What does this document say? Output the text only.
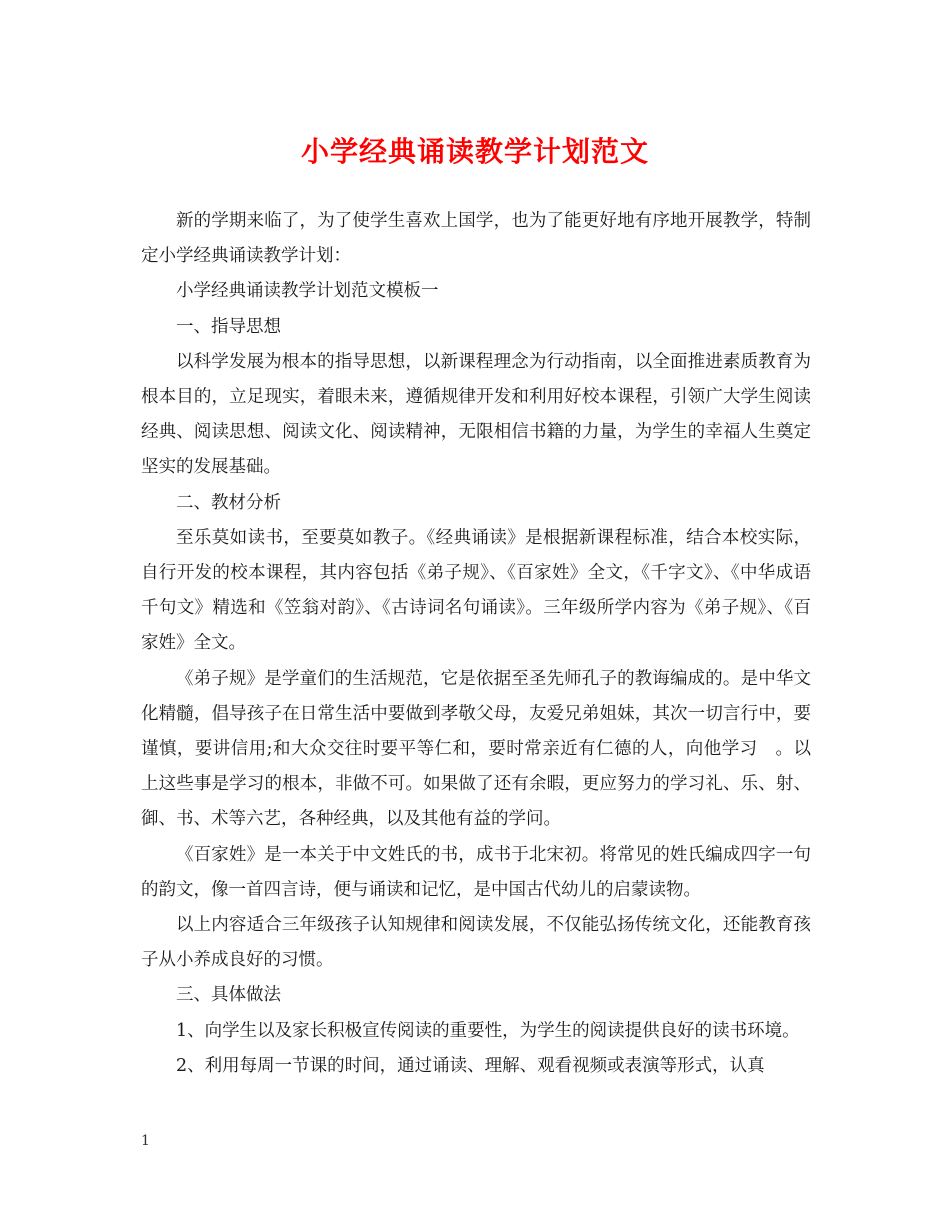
小学经典诵读教学计划范文

新的学期来临了，为了使学生喜欢上国学，也为了能更好地有序地开展教学，特制定小学经典诵读教学计划：

小学经典诵读教学计划范文模板一

一、指导思想

以科学发展为根本的指导思想，以新课程理念为行动指南，以全面推进素质教育为根本目的，立足现实，着眼未来，遵循规律开发和利用好校本课程，引领广大学生阅读经典、阅读思想、阅读文化、阅读精神，无限相信书籍的力量，为学生的幸福人生奠定坚实的发展基础。

二、教材分析

至乐莫如读书，至要莫如教子。《经典诵读》是根据新课程标准，结合本校实际，自行开发的校本课程，其内容包括《弟子规》、《百家姓》全文，《千字文》、《中华成语千句文》精选和《笠翁对韵》、《古诗词名句诵读》。三年级所学内容为《弟子规》、《百家姓》全文。

《弟子规》是学童们的生活规范，它是依据至圣先师孔子的教诲编成的。是中华文化精髓，倡导孩子在日常生活中要做到孝敬父母，友爱兄弟姐妹，其次一切言行中，要谨慎，要讲信用;和大众交往时要平等仁和，要时常亲近有仁德的人，向他学习　。以上这些事是学习的根本，非做不可。如果做了还有余暇，更应努力的学习礼、乐、射、御、书、术等六艺，各种经典，以及其他有益的学问。

《百家姓》是一本关于中文姓氏的书，成书于北宋初。将常见的姓氏编成四字一句的韵文，像一首四言诗，便与诵读和记忆，是中国古代幼儿的启蒙读物。

以上内容适合三年级孩子认知规律和阅读发展，不仅能弘扬传统文化，还能教育孩子从小养成良好的习惯。

三、具体做法

1、向学生以及家长积极宣传阅读的重要性，为学生的阅读提供良好的读书环境。

2、利用每周一节课的时间，通过诵读、理解、观看视频或表演等形式，认真

1
